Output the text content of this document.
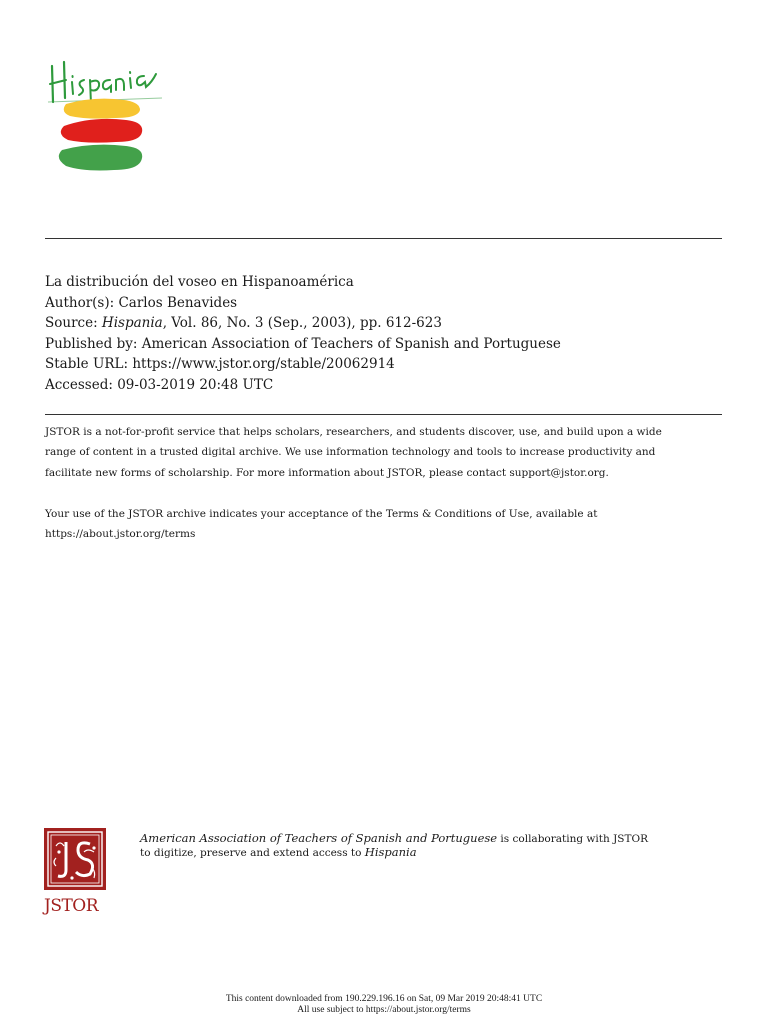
La distribución del voseo en Hispanoamérica
Author(s): Carlos Benavides
Source: Hispania, Vol. 86, No. 3 (Sep., 2003), pp. 612-623
Published by: American Association of Teachers of Spanish and Portuguese
Stable URL: https://www.jstor.org/stable/20062914
Accessed: 09-03-2019 20:48 UTC

JSTOR is a not-for-profit service that helps scholars, researchers, and students discover, use, and build upon a wide
range of content in a trusted digital archive. We use information technology and tools to increase productivity and
facilitate new forms of scholarship. For more information about JSTOR, please contact support@jstor.org.

Your use of the JSTOR archive indicates your acceptance of the Terms & Conditions of Use, available at
https://about.jstor.org/terms

JSTOR
American Association of Teachers of Spanish and Portuguese is collaborating with JSTOR
to digitize, preserve and extend access to Hispania
This content downloaded from 190.229.196.16 on Sat, 09 Mar 2019 20:48:41 UTC
All use subject to https://about.jstor.org/terms
